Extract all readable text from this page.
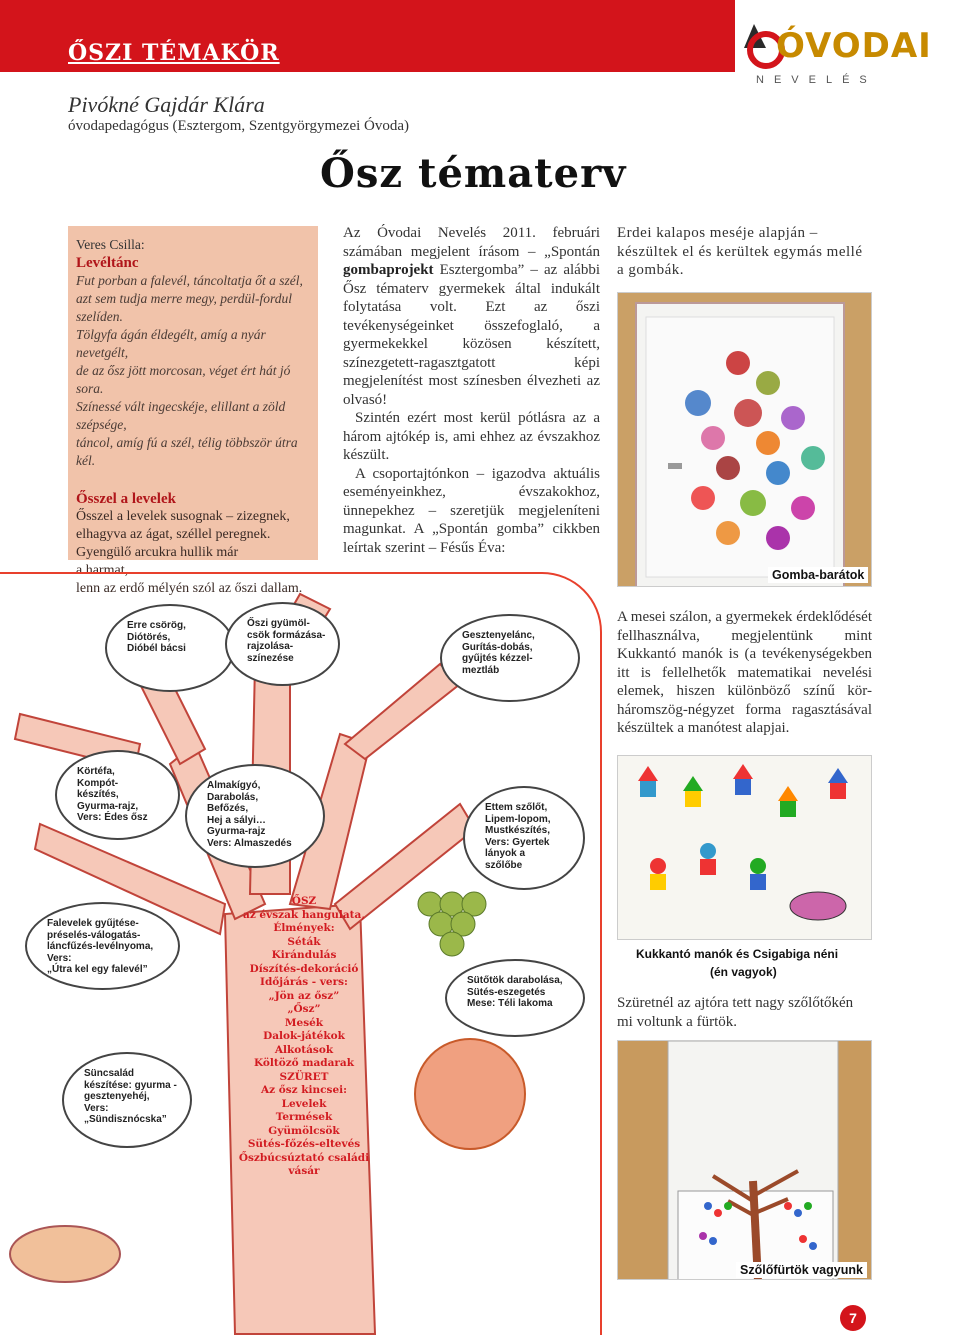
ŐSZI TÉMAKÖR	ÓVODAI
NEVELÉS
Pivókné Gajdár Klára
óvodapedagógus (Esztergom, Szentgyörgymezei Óvoda)
Ősz tématerv
Veres Csilla:
Levéltánc
Fut porban a falevél, táncoltatja őt a szél,
azt sem tudja merre megy, perdül-fordul
szelíden.
Tölgyfa ágán éldegélt, amíg a nyár nevetgélt,
de az ősz jött morcosan, véget ért hát jó sora.
Színessé vált ingecskéje, elillant a zöld szépsége,
táncol, amíg fú a szél, télig többször útra kél.
Ősszel a levelek
Ősszel a levelek susognak – zizegnek,
elhagyva az ágat, széllel peregnek.
Gyengülő arcukra hullik már
a harmat,
lenn az erdő mélyén szól az őszi dallam.

Az Óvodai Nevelés 2011. februári számában megjelent írásom – „Spontán gombaprojekt Esztergomba” – az alábbi Ősz tématerv gyermekek által indukált folytatása volt. Ezt az őszi tevékenységeinket összefoglaló, a gyermekekkel közösen készített, színezgetett-ragasztgatott képi megjelenítést most színesben élvezheti az olvasó!

Szintén ezért most kerül pótlásra az a három ajtókép is, ami ehhez az évszakhoz készült.

A csoportajtónkon – igazodva aktuális eseményeinkhez, évszakokhoz, ünnepekhez – szeretjük megjeleníteni magunkat. A „Spontán gomba” cikkben leírtak szerint – Fésűs Éva:

Erdei kalapos meséje alapján – készültek el és kerültek egymás mellé a gombák.
Gomba-barátok
Erre csörög,
Diótörés,
Dióbél bácsi
Őszi gyümöl-
csök formázása-
rajzolása-
színezése
Gesztenyelánc,
Gurítás-dobás,
gyűjtés kézzel-
meztláb
Körtéfa,
Kompót-
készítés,
Gyurma-rajz,
Vers: Édes ősz
Almakígyó,
Darabolás,
Befőzés,
Hej a sályi…
Gyurma-rajz
Vers: Almaszedés
Ettem szőlőt,
Lipem-lopom,
Mustkészítés,
Vers: Gyertek
lányok a
szőlőbe
Falevelek gyűjtése-
préselés-válogatás-
láncfűzés-levélnyoma,
Vers:
„Útra kel egy falevél”
Sütőtök darabolása,
Sütés-eszegetés
Mese: Téli lakoma
Süncsalád
készítése: gyurma -
gesztenyehéj,
Vers:
„Sündisznócska”
ŐSZ
az évszak hangulata,
Élmények:
Séták
Kirándulás
Díszítés-dekoráció
Időjárás - vers:
„Jön az ősz”
„Ősz”
Mesék
Dalok-játékok
Alkotások
Költöző madarak
SZÜRET
Az ősz kincsei:
Levelek
Termések
Gyümölcsök
Sütés-főzés-eltevés
Őszbúcsúztató családi vásár
A mesei szálon, a gyermekek érdeklődését fellhasználva, megjelentünk mint Kukkantó manók is (a tevékenységekben itt is fellelhetők matematikai nevelési elemek, hiszen különböző színű kör-háromszög-négyzet forma ragasztásával készültek a manótest alapjai.
Kukkantó manók és Csigabiga néni
(én vagyok)
Szüretnél az ajtóra tett nagy szőlőtőkén mi voltunk a fürtök.
Szőlőfürtök vagyunk
7
